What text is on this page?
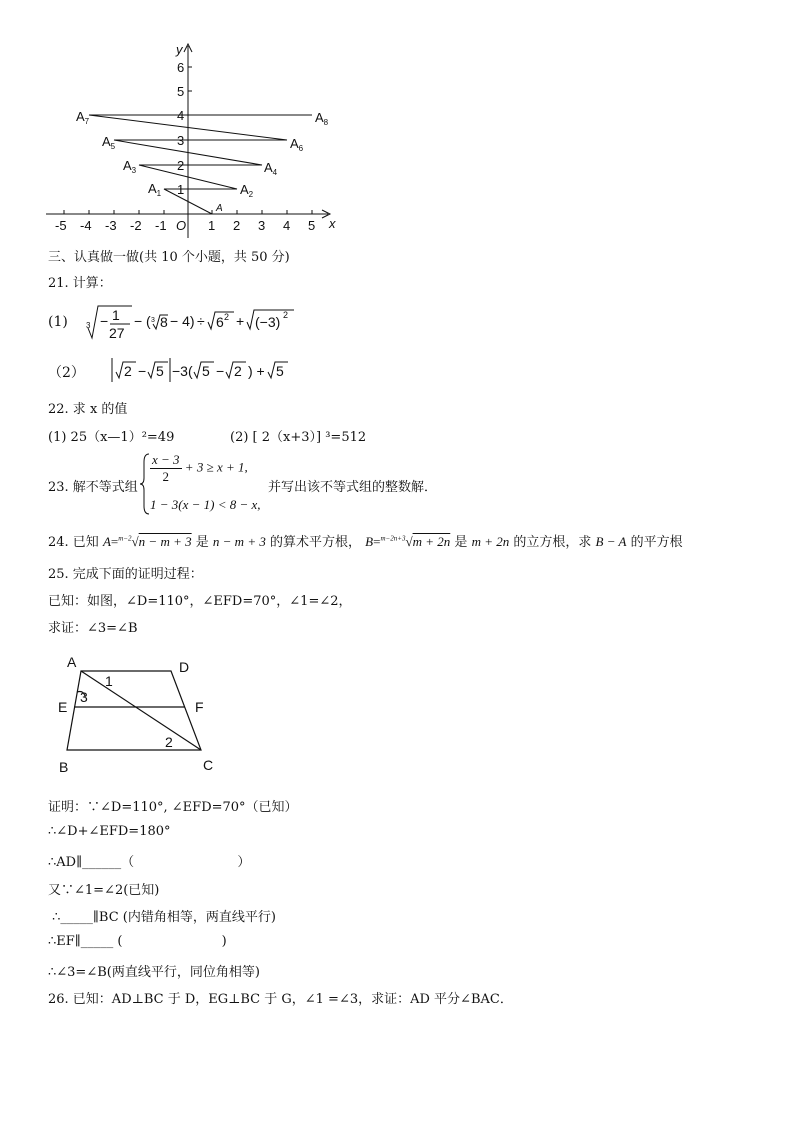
y
x
O
A
-5 -4 -3 -2 -1	1 2 3 4 5
1
2
3
4
5
6
$A_1$	$A_2$
$A_3$	$A_4$
$A_5$	$A_6$
$A_7$	$A_8$
三、认真做一做(共 10 个小题，共 50 分)
21. 计算：
(1) 3 − 1
27
− ( 3 8 − 4) ÷ 6 2 + (−3) 2
（2）	2 − 5 −3( 5 − 2 ) + 5
22. 求 x 的值
(1) 25（x—1）²=49	(2) [ 2（x+3）] ³=512
23. 解不等式组
$\frac{x - 3}{2} + 3 \ge x + 1$,
1 − 3(x − 1) < 8 − x,
并写出该不等式组的整数解．
24. 已知 A=$^{m-2}$√n − m + 3 是 n − m + 3 的算术平方根， B=$^{m-2n+3}$√m + 2n 是 m + 2n 的立方根，求 B − A 的平方根
25. 完成下面的证明过程：
已知：如图，∠D=110°，∠EFD=70°，∠1=∠2，
求证：∠3=∠B
A	D
E	F
B	C
1
2
3
证明：∵∠D=110°, ∠EFD=70°（已知）
∴∠D+∠EFD=180°
∴AD∥______（                         ）
又∵∠1=∠2(已知)
∴_____∥BC (内错角相等，两直线平行)
∴EF∥_____ (                        )
∴∠3=∠B(两直线平行，同位角相等)
26. 已知：AD⊥BC 于 D，EG⊥BC 于 G，∠1 =∠3，求证：AD 平分∠BAC．
